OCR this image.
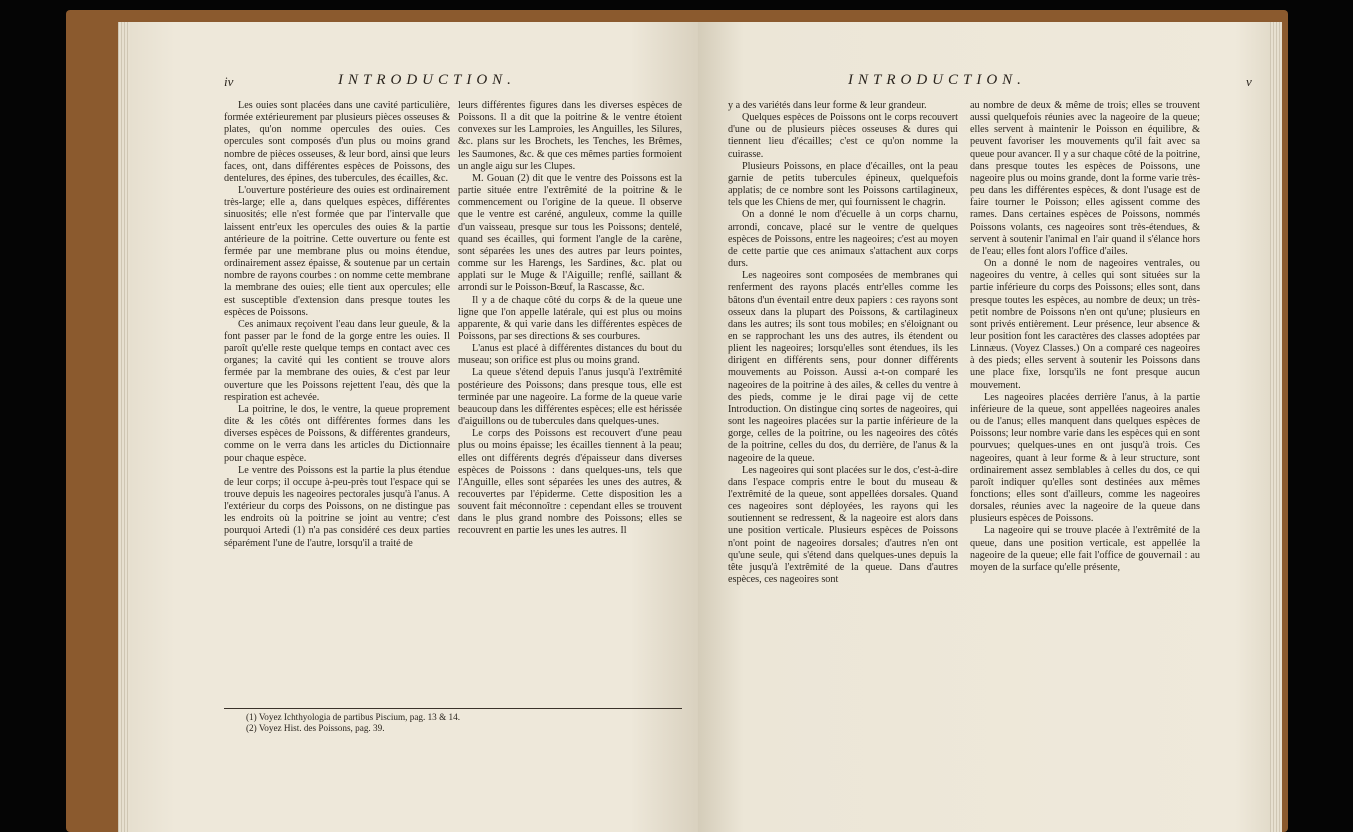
iv	INTRODUCTION.

Les ouies sont placées dans une cavité particulière, formée extérieurement par plusieurs pièces osseuses & plates, qu'on nomme opercules des ouies. Ces opercules sont composés d'un plus ou moins grand nombre de pièces osseuses, & leur bord, ainsi que leurs faces, ont, dans différentes espèces de Poissons, des dentelures, des épines, des tubercules, des écailles, &c.

L'ouverture postérieure des ouies est ordinairement très-large; elle a, dans quelques espèces, différentes sinuosités; elle n'est formée que par l'intervalle que laissent entr'eux les opercules des ouies & la partie antérieure de la poitrine. Cette ouverture ou fente est fermée par une membrane plus ou moins étendue, ordinairement assez épaisse, & soutenue par un certain nombre de rayons courbes : on nomme cette membrane la membrane des ouies; elle tient aux opercules; elle est susceptible d'extension dans presque toutes les espèces de Poissons.

Ces animaux reçoivent l'eau dans leur gueule, & la font passer par le fond de la gorge entre les ouies. Il paroît qu'elle reste quelque temps en contact avec ces organes; la cavité qui les contient se trouve alors fermée par la membrane des ouies, & c'est par leur ouverture que les Poissons rejettent l'eau, dès que la respiration est achevée.

La poitrine, le dos, le ventre, la queue proprement dite & les côtés ont différentes formes dans les diverses espèces de Poissons, & différentes grandeurs, comme on le verra dans les articles du Dictionnaire pour chaque espèce.

Le ventre des Poissons est la partie la plus étendue de leur corps; il occupe à-peu-près tout l'espace qui se trouve depuis les nageoires pectorales jusqu'à l'anus. A l'extérieur du corps des Poissons, on ne distingue pas les endroits où la poitrine se joint au ventre; c'est pourquoi Artedi (1) n'a pas considéré ces deux parties séparément l'une de l'autre, lorsqu'il a traité de

leurs différentes figures dans les diverses espèces de Poissons. Il a dit que la poitrine & le ventre étoient convexes sur les Lamproies, les Anguilles, les Silures, &c. plans sur les Brochets, les Tenches, les Brêmes, les Saumones, &c. & que ces mêmes parties formoient un angle aigu sur les Clupes.

M. Gouan (2) dit que le ventre des Poissons est la partie située entre l'extrêmité de la poitrine & le commencement ou l'origine de la queue. Il observe que le ventre est caréné, anguleux, comme la quille d'un vaisseau, presque sur tous les Poissons; dentelé, quand ses écailles, qui forment l'angle de la carène, sont séparées les unes des autres par leurs pointes, comme sur les Harengs, les Sardines, &c. plat ou applati sur le Muge & l'Aiguille; renflé, saillant & arrondi sur le Poisson-Bœuf, la Rascasse, &c.

Il y a de chaque côté du corps & de la queue une ligne que l'on appelle latérale, qui est plus ou moins apparente, & qui varie dans les différentes espèces de Poissons, par ses directions & ses courbures.

L'anus est placé à différentes distances du bout du museau; son orifice est plus ou moins grand.

La queue s'étend depuis l'anus jusqu'à l'extrêmité postérieure des Poissons; dans presque tous, elle est terminée par une nageoire. La forme de la queue varie beaucoup dans les différentes espèces; elle est hérissée d'aiguillons ou de tubercules dans quelques-unes.

Le corps des Poissons est recouvert d'une peau plus ou moins épaisse; les écailles tiennent à la peau; elles ont différents degrés d'épaisseur dans diverses espèces de Poissons : dans quelques-uns, tels que l'Anguille, elles sont séparées les unes des autres, & recouvertes par l'épiderme. Cette disposition les a souvent fait méconnoître : cependant elles se trouvent dans le plus grand nombre des Poissons; elles se recouvrent en partie les unes les autres. Il

(1) Voyez Ichthyologia de partibus Piscium, pag. 13 & 14.
(2) Voyez Hist. des Poissons, pag. 39.
INTRODUCTION.	v

y a des variétés dans leur forme & leur grandeur.

Quelques espèces de Poissons ont le corps recouvert d'une ou de plusieurs pièces osseuses & dures qui tiennent lieu d'écailles; c'est ce qu'on nomme la cuirasse.

Plusieurs Poissons, en place d'écailles, ont la peau garnie de petits tubercules épineux, quelquefois applatis; de ce nombre sont les Poissons cartilagineux, tels que les Chiens de mer, qui fournissent le chagrin.

On a donné le nom d'écuelle à un corps charnu, arrondi, concave, placé sur le ventre de quelques espèces de Poissons, entre les nageoires; c'est au moyen de cette partie que ces animaux s'attachent aux corps durs.

Les nageoires sont composées de membranes qui renferment des rayons placés entr'elles comme les bâtons d'un éventail entre deux papiers : ces rayons sont osseux dans la plupart des Poissons, & cartilagineux dans les autres; ils sont tous mobiles; en s'éloignant ou en se rapprochant les uns des autres, ils étendent ou plient les nageoires; lorsqu'elles sont étendues, ils les dirigent en différents sens, pour donner différents mouvements au Poisson. Aussi a-t-on comparé les nageoires de la poitrine à des ailes, & celles du ventre à des pieds, comme je le dirai page vij de cette Introduction. On distingue cinq sortes de nageoires, qui sont les nageoires placées sur la partie inférieure de la gorge, celles de la poitrine, ou les nageoires des côtés de la poitrine, celles du dos, du derrière, de l'anus & la nageoire de la queue.

Les nageoires qui sont placées sur le dos, c'est-à-dire dans l'espace compris entre le bout du museau & l'extrêmité de la queue, sont appellées dorsales. Quand ces nageoires sont déployées, les rayons qui les soutiennent se redressent, & la nageoire est alors dans une position verticale. Plusieurs espèces de Poissons n'ont point de nageoires dorsales; d'autres n'en ont qu'une seule, qui s'étend dans quelques-unes depuis la tête jusqu'à l'extrêmité de la queue. Dans d'autres espèces, ces nageoires sont

au nombre de deux & même de trois; elles se trouvent aussi quelquefois réunies avec la nageoire de la queue; elles servent à maintenir le Poisson en équilibre, & peuvent favoriser les mouvements qu'il fait avec sa queue pour avancer. Il y a sur chaque côté de la poitrine, dans presque toutes les espèces de Poissons, une nageoire plus ou moins grande, dont la forme varie très-peu dans les différentes espèces, & dont l'usage est de faire tourner le Poisson; elles agissent comme des rames. Dans certaines espèces de Poissons, nommés Poissons volants, ces nageoires sont très-étendues, & servent à soutenir l'animal en l'air quand il s'élance hors de l'eau; elles font alors l'office d'ailes.

On a donné le nom de nageoires ventrales, ou nageoires du ventre, à celles qui sont situées sur la partie inférieure du corps des Poissons; elles sont, dans presque toutes les espèces, au nombre de deux; un très-petit nombre de Poissons n'en ont qu'une; plusieurs en sont privés entièrement. Leur présence, leur absence & leur position font les caractères des classes adoptées par Linnæus. (Voyez Classes.) On a comparé ces nageoires à des pieds; elles servent à soutenir les Poissons dans une place fixe, lorsqu'ils ne font presque aucun mouvement.

Les nageoires placées derrière l'anus, à la partie inférieure de la queue, sont appellées nageoires anales ou de l'anus; elles manquent dans quelques espèces de Poissons; leur nombre varie dans les espèces qui en sont pourvues; quelques-unes en ont jusqu'à trois. Ces nageoires, quant à leur forme & à leur structure, sont ordinairement assez semblables à celles du dos, ce qui paroît indiquer qu'elles sont destinées aux mêmes fonctions; elles sont d'ailleurs, comme les nageoires dorsales, réunies avec la nageoire de la queue dans plusieurs espèces de Poissons.

La nageoire qui se trouve placée à l'extrêmité de la queue, dans une position verticale, est appellée la nageoire de la queue; elle fait l'office de gouvernail : au moyen de la surface qu'elle présente,
